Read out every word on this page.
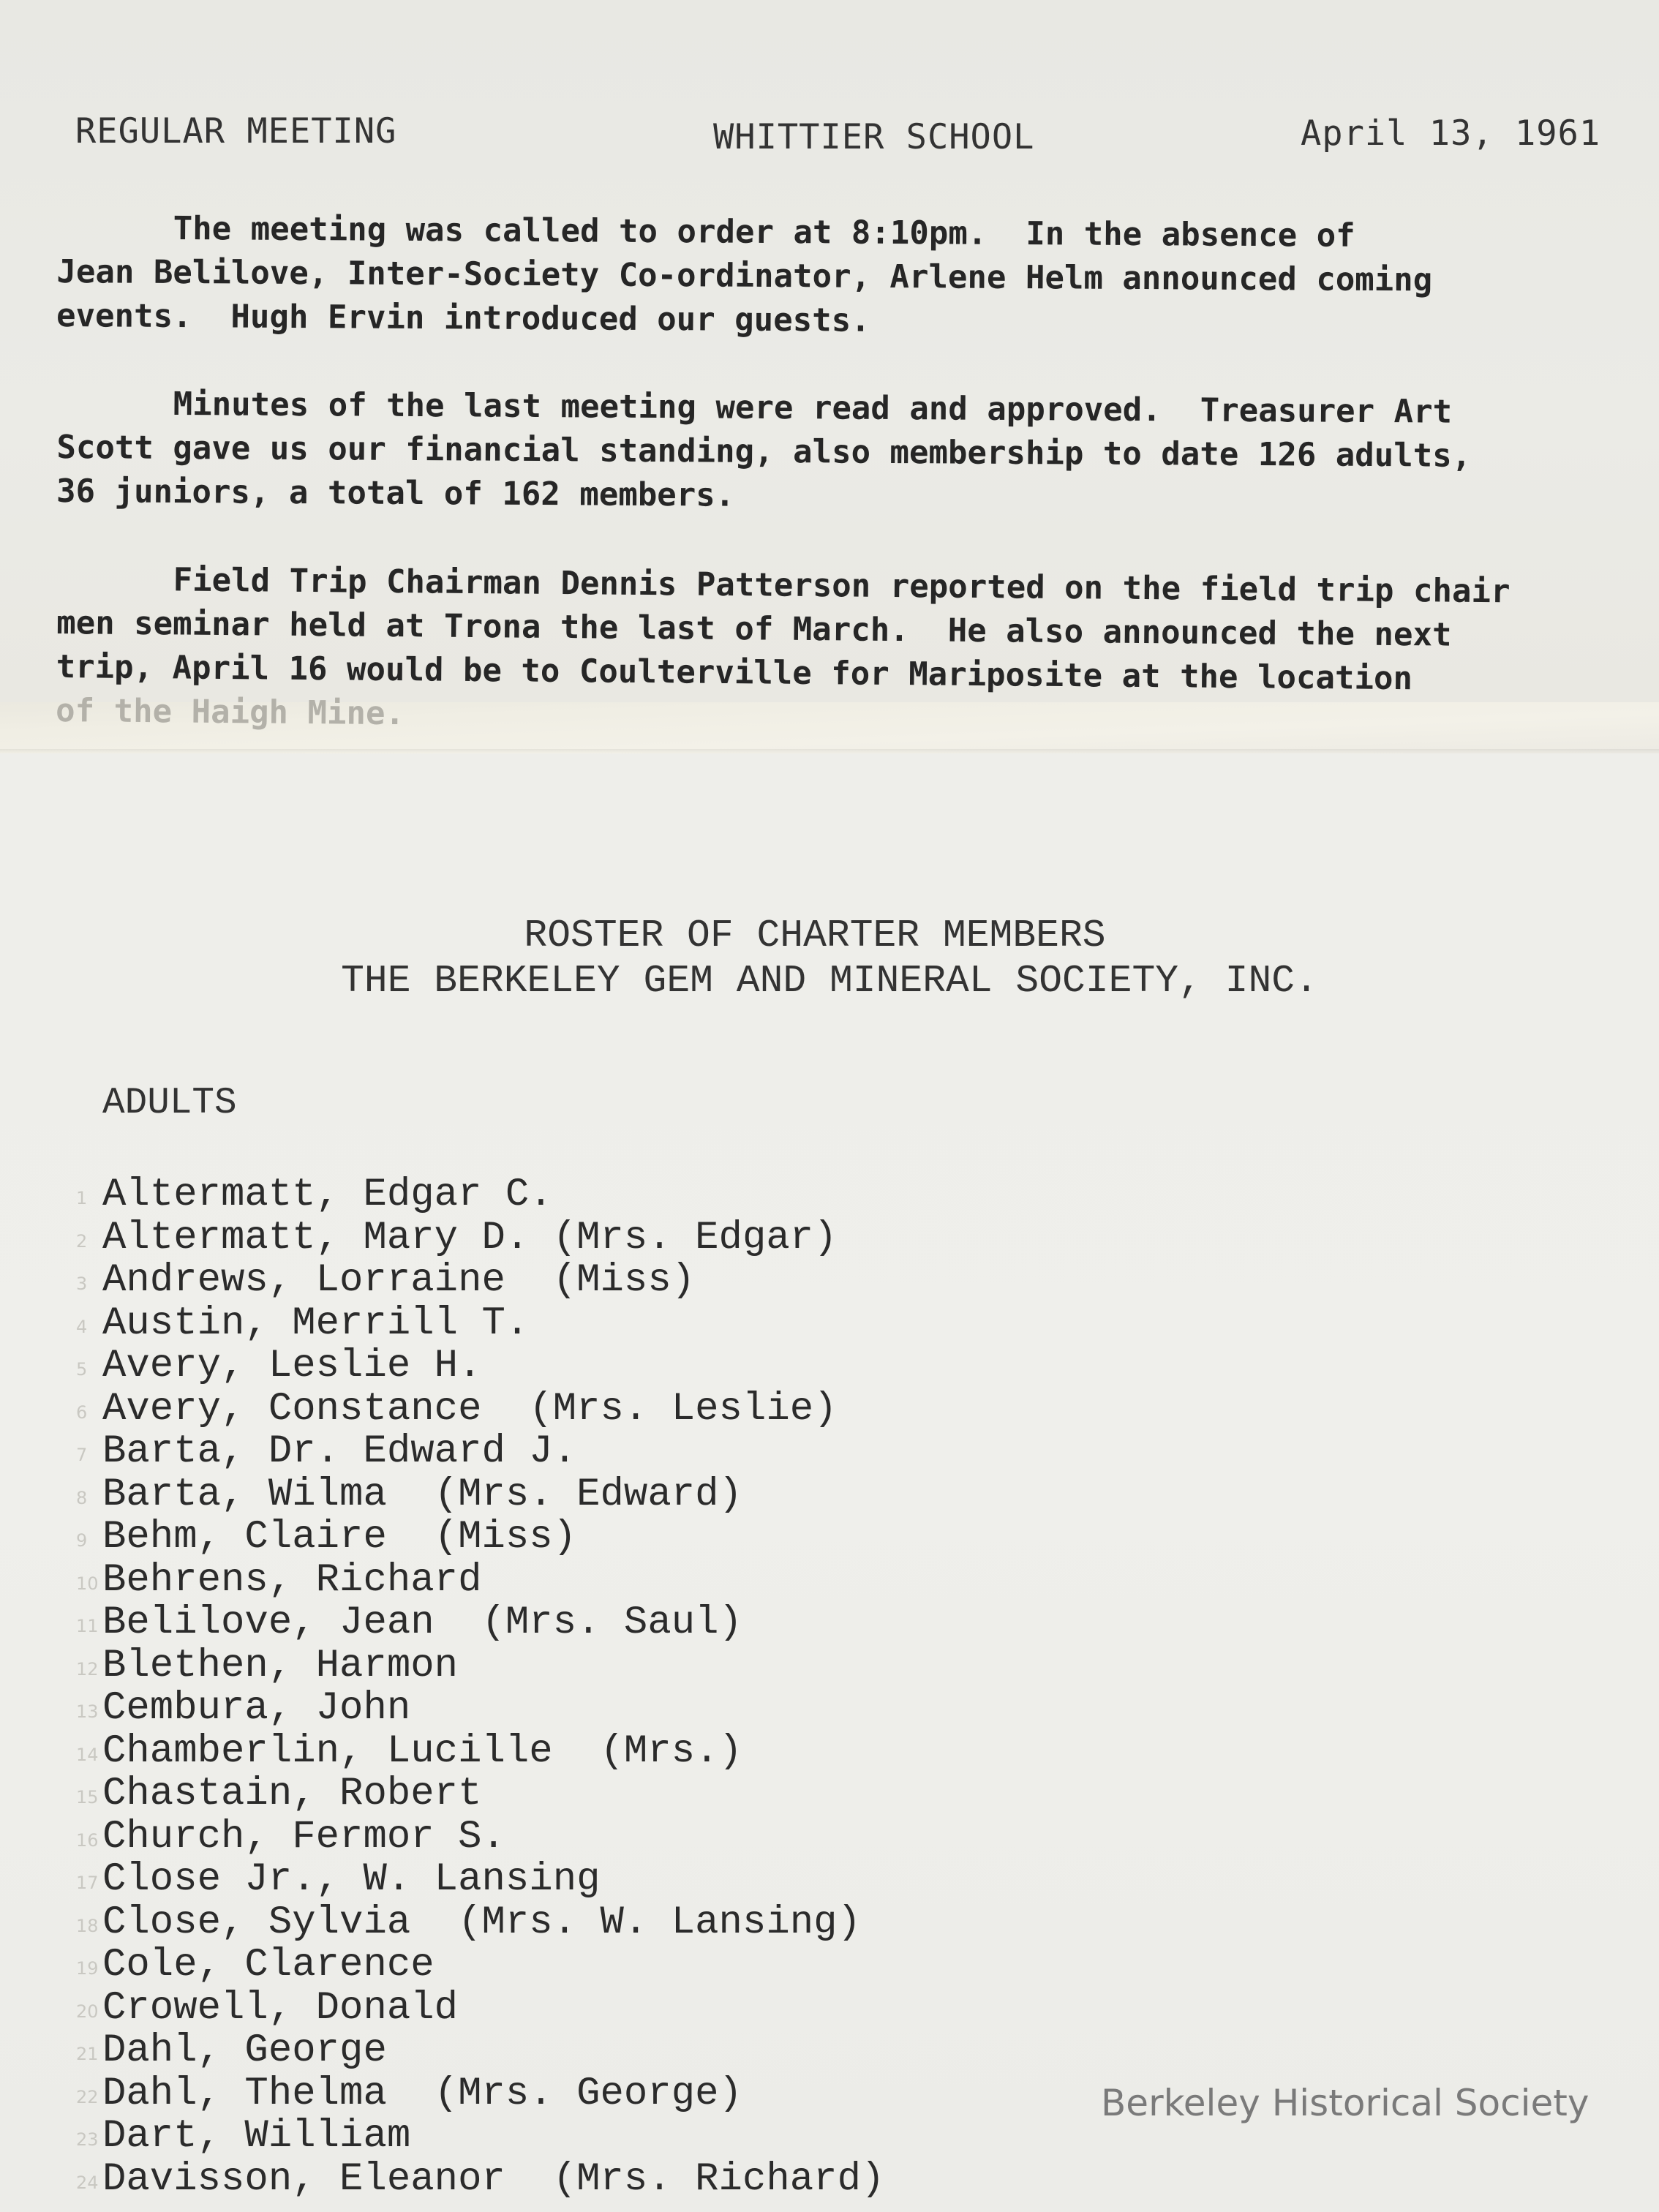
REGULAR MEETING	WHITTIER SCHOOL	April 13, 1961
The meeting was called to order at 8:10pm.  In the absence of
Jean Belilove, Inter-Society Co-ordinator, Arlene Helm announced coming
events.  Hugh Ervin introduced our guests.
Minutes of the last meeting were read and approved.  Treasurer Art
Scott gave us our financial standing, also membership to date 126 adults,
36 juniors, a total of 162 members.
Field Trip Chairman Dennis Patterson reported on the field trip chair
men seminar held at Trona the last of March.  He also announced the next
trip, April 16 would be to Coulterville for Mariposite at the location
of the Haigh Mine.
ROSTER OF CHARTER MEMBERS
THE BERKELEY GEM AND MINERAL SOCIETY, INC.
ADULTS
1 Altermatt, Edgar C.
2 Altermatt, Mary D. (Mrs. Edgar)
3 Andrews, Lorraine  (Miss)
4 Austin, Merrill T.
5 Avery, Leslie H.
6 Avery, Constance  (Mrs. Leslie)
7 Barta, Dr. Edward J.
8 Barta, Wilma  (Mrs. Edward)
9 Behm, Claire  (Miss)
10 Behrens, Richard
11 Belilove, Jean  (Mrs. Saul)
12 Blethen, Harmon
13 Cembura, John
14 Chamberlin, Lucille  (Mrs.)
15 Chastain, Robert
16 Church, Fermor S.
17 Close Jr., W. Lansing
18 Close, Sylvia  (Mrs. W. Lansing)
19 Cole, Clarence
20 Crowell, Donald
21 Dahl, George
22 Dahl, Thelma  (Mrs. George)
23 Dart, William
24 Davisson, Eleanor  (Mrs. Richard)
Berkeley Historical Society
